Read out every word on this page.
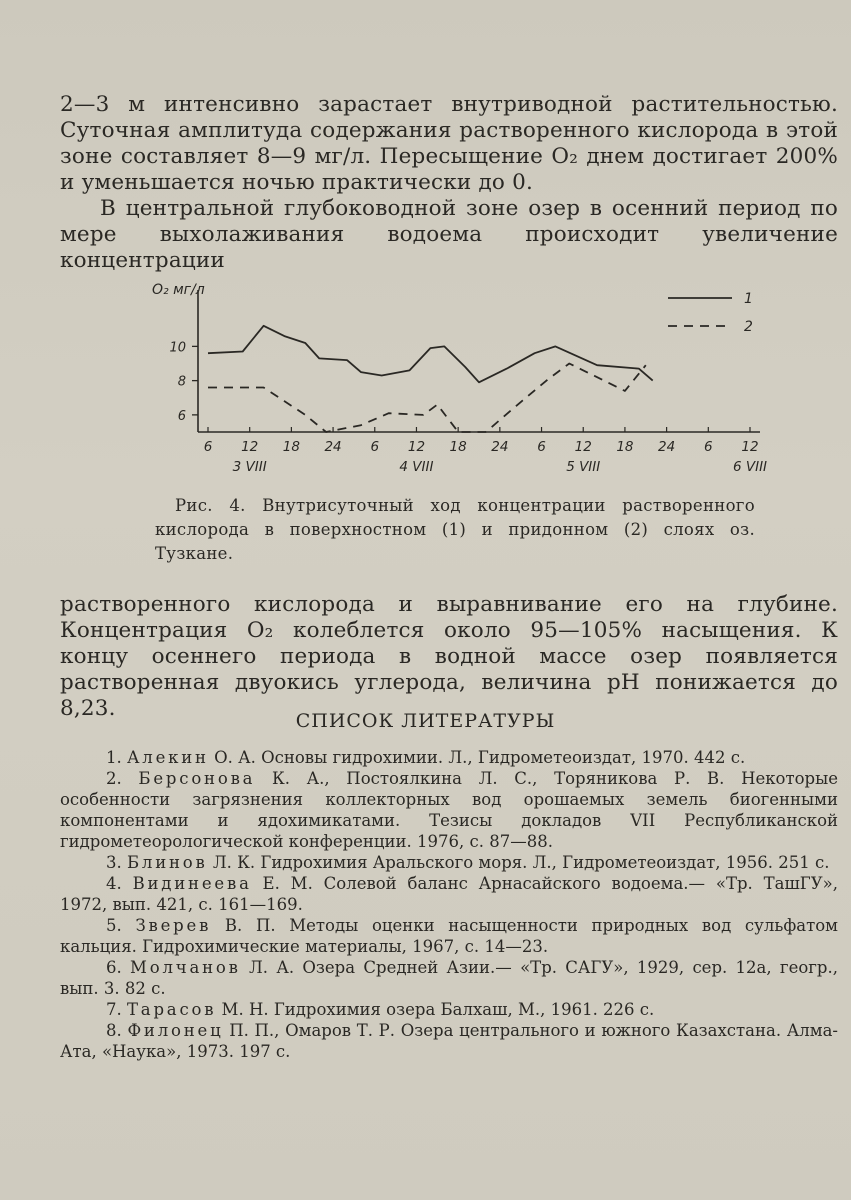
2—3 м интенсивно зарастает внутриводной растительностью. Суточная амплитуда содержания растворенного кислорода в этой зоне составляет 8—9 мг/л. Пересыщение O₂ днем достигает 200% и уменьшается ночью практически до 0.
В центральной глубоководной зоне озер в осенний период по мере выхолаживания водоема происходит увеличение концентрации
6
8
10
6 12 18 24 6 12 18 24 6 12 18 24 6 12
3 VIII	4 VIII	5 VIII	6 VIII
1
2
O₂ мг/л
Рис. 4. Внутрисуточный ход концентрации растворенного кислорода в поверхностном (1) и придонном (2) слоях оз. Тузкане.
растворенного кислорода и выравнивание его на глубине. Концентрация O₂ колеблется около 95—105% насыщения. К концу осеннего периода в водной массе озер появляется растворенная двуокись углерода, величина pH понижается до 8,23.	СПИСОК ЛИТЕРАТУРЫ
1. Алекин О. А. Основы гидрохимии. Л., Гидрометеоиздат, 1970. 442 с.
2. Берсонова К. А., Постоялкина Л. С., Торяникова Р. В. Некоторые особенности загрязнения коллекторных вод орошаемых земель биогенными компонентами и ядохимикатами. Тезисы докладов VII Республиканской гидрометеорологической конференции. 1976, с. 87—88.
3. Блинов Л. К. Гидрохимия Аральского моря. Л., Гидрометеоиздат, 1956. 251 с.
4. Видинеева Е. М. Солевой баланс Арнасайского водоема.— «Тр. ТашГУ», 1972, вып. 421, с. 161—169.
5. Зверев В. П. Методы оценки насыщенности природных вод сульфатом кальция. Гидрохимические материалы, 1967, с. 14—23.
6. Молчанов Л. А. Озера Средней Азии.— «Тр. САГУ», 1929, сер. 12а, геогр., вып. 3. 82 с.
7. Тарасов М. Н. Гидрохимия озера Балхаш, М., 1961. 226 с.
8. Филонец П. П., Омаров Т. Р. Озера центрального и южного Казахстана. Алма-Ата, «Наука», 1973. 197 с.
